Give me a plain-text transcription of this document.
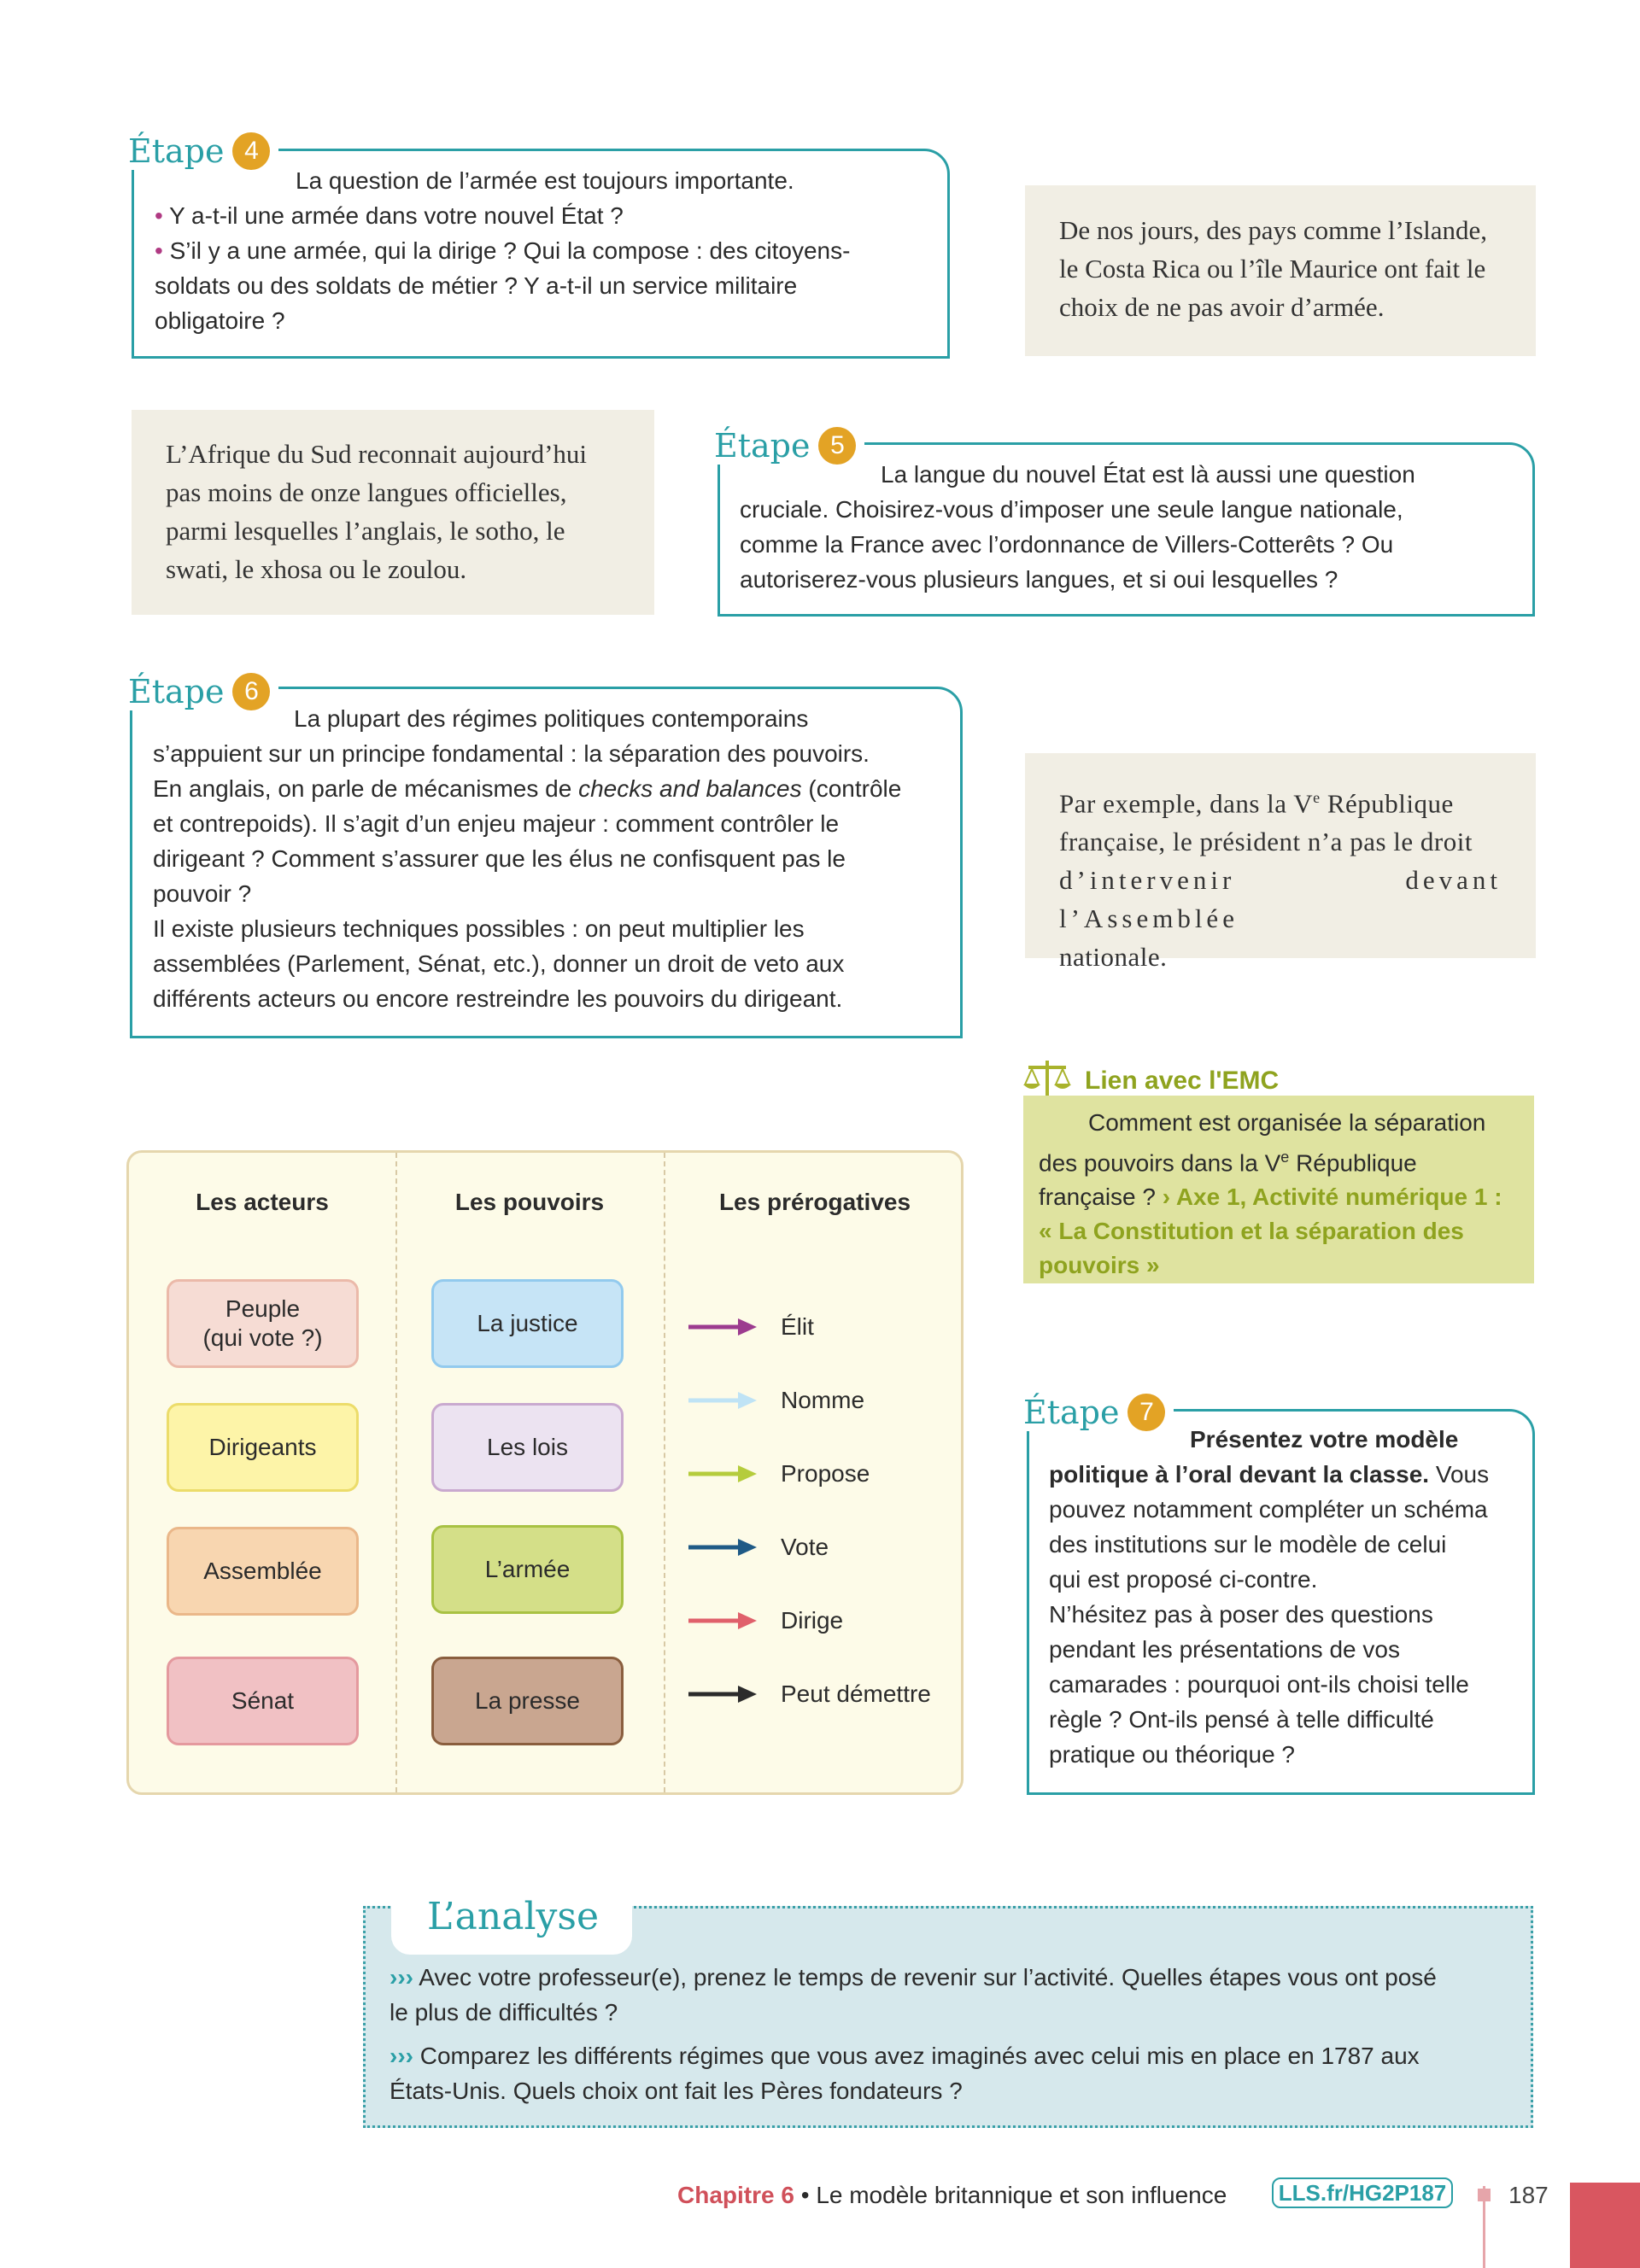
Étape 4
La question de l’armée est toujours importante.
• Y a-t-il une armée dans votre nouvel État ?
• S’il y a une armée, qui la dirige ? Qui la compose : des citoyens-
soldats ou des soldats de métier ? Y a-t-il un service militaire
obligatoire ?
De nos jours, des pays comme l’Islande,
le Costa Rica ou l’île Maurice ont fait le
choix de ne pas avoir d’armée.
L’Afrique du Sud reconnait aujourd’hui
pas moins de onze langues officielles,
parmi lesquelles l’anglais, le sotho, le
swati, le xhosa ou le zoulou.
Étape 5
La langue du nouvel État est là aussi une question
cruciale. Choisirez-vous d’imposer une seule langue nationale,
comme la France avec l’ordonnance de Villers-Cotterêts ? Ou
autoriserez-vous plusieurs langues, et si oui lesquelles ?
Étape 6
La plupart des régimes politiques contemporains
s’appuient sur un principe fondamental : la séparation des pouvoirs.
En anglais, on parle de mécanismes de checks and balances (contrôle
et contrepoids). Il s’agit d’un enjeu majeur : comment contrôler le
dirigeant ? Comment s’assurer que les élus ne confisquent pas le
pouvoir ?
Il existe plusieurs techniques possibles : on peut multiplier les
assemblées (Parlement, Sénat, etc.), donner un droit de veto aux
différents acteurs ou encore restreindre les pouvoirs du dirigeant.
Par exemple, dans la Ve République
française, le président n’a pas le droit
d’intervenir devant l’Assemblée
nationale.
Lien avec l'EMC
Comment est organisée la séparation
des pouvoirs dans la Ve République
française ? › Axe 1, Activité numérique 1 :
« La Constitution et la séparation des
pouvoirs »
Les acteurs	Les pouvoirs	Les prérogatives
Peuple
(qui vote ?)
Dirigeants
Assemblée
Sénat
La justice
Les lois
L’armée
La presse
Élit
Nomme
Propose
Vote
Dirige
Peut démettre
Étape 7
Présentez votre modèle
politique à l’oral devant la classe. Vous
pouvez notamment compléter un schéma
des institutions sur le modèle de celui
qui est proposé ci-contre.
N’hésitez pas à poser des questions
pendant les présentations de vos
camarades : pourquoi ont-ils choisi telle
règle ? Ont-ils pensé à telle difficulté
pratique ou théorique ?
L’analyse
››› Avec votre professeur(e), prenez le temps de revenir sur l’activité. Quelles étapes vous ont posé
le plus de difficultés ?
››› Comparez les différents régimes que vous avez imaginés avec celui mis en place en 1787 aux
États-Unis. Quels choix ont fait les Pères fondateurs ?
Chapitre 6 • Le modèle britannique et son influence LLS.fr/HG2P187	187
